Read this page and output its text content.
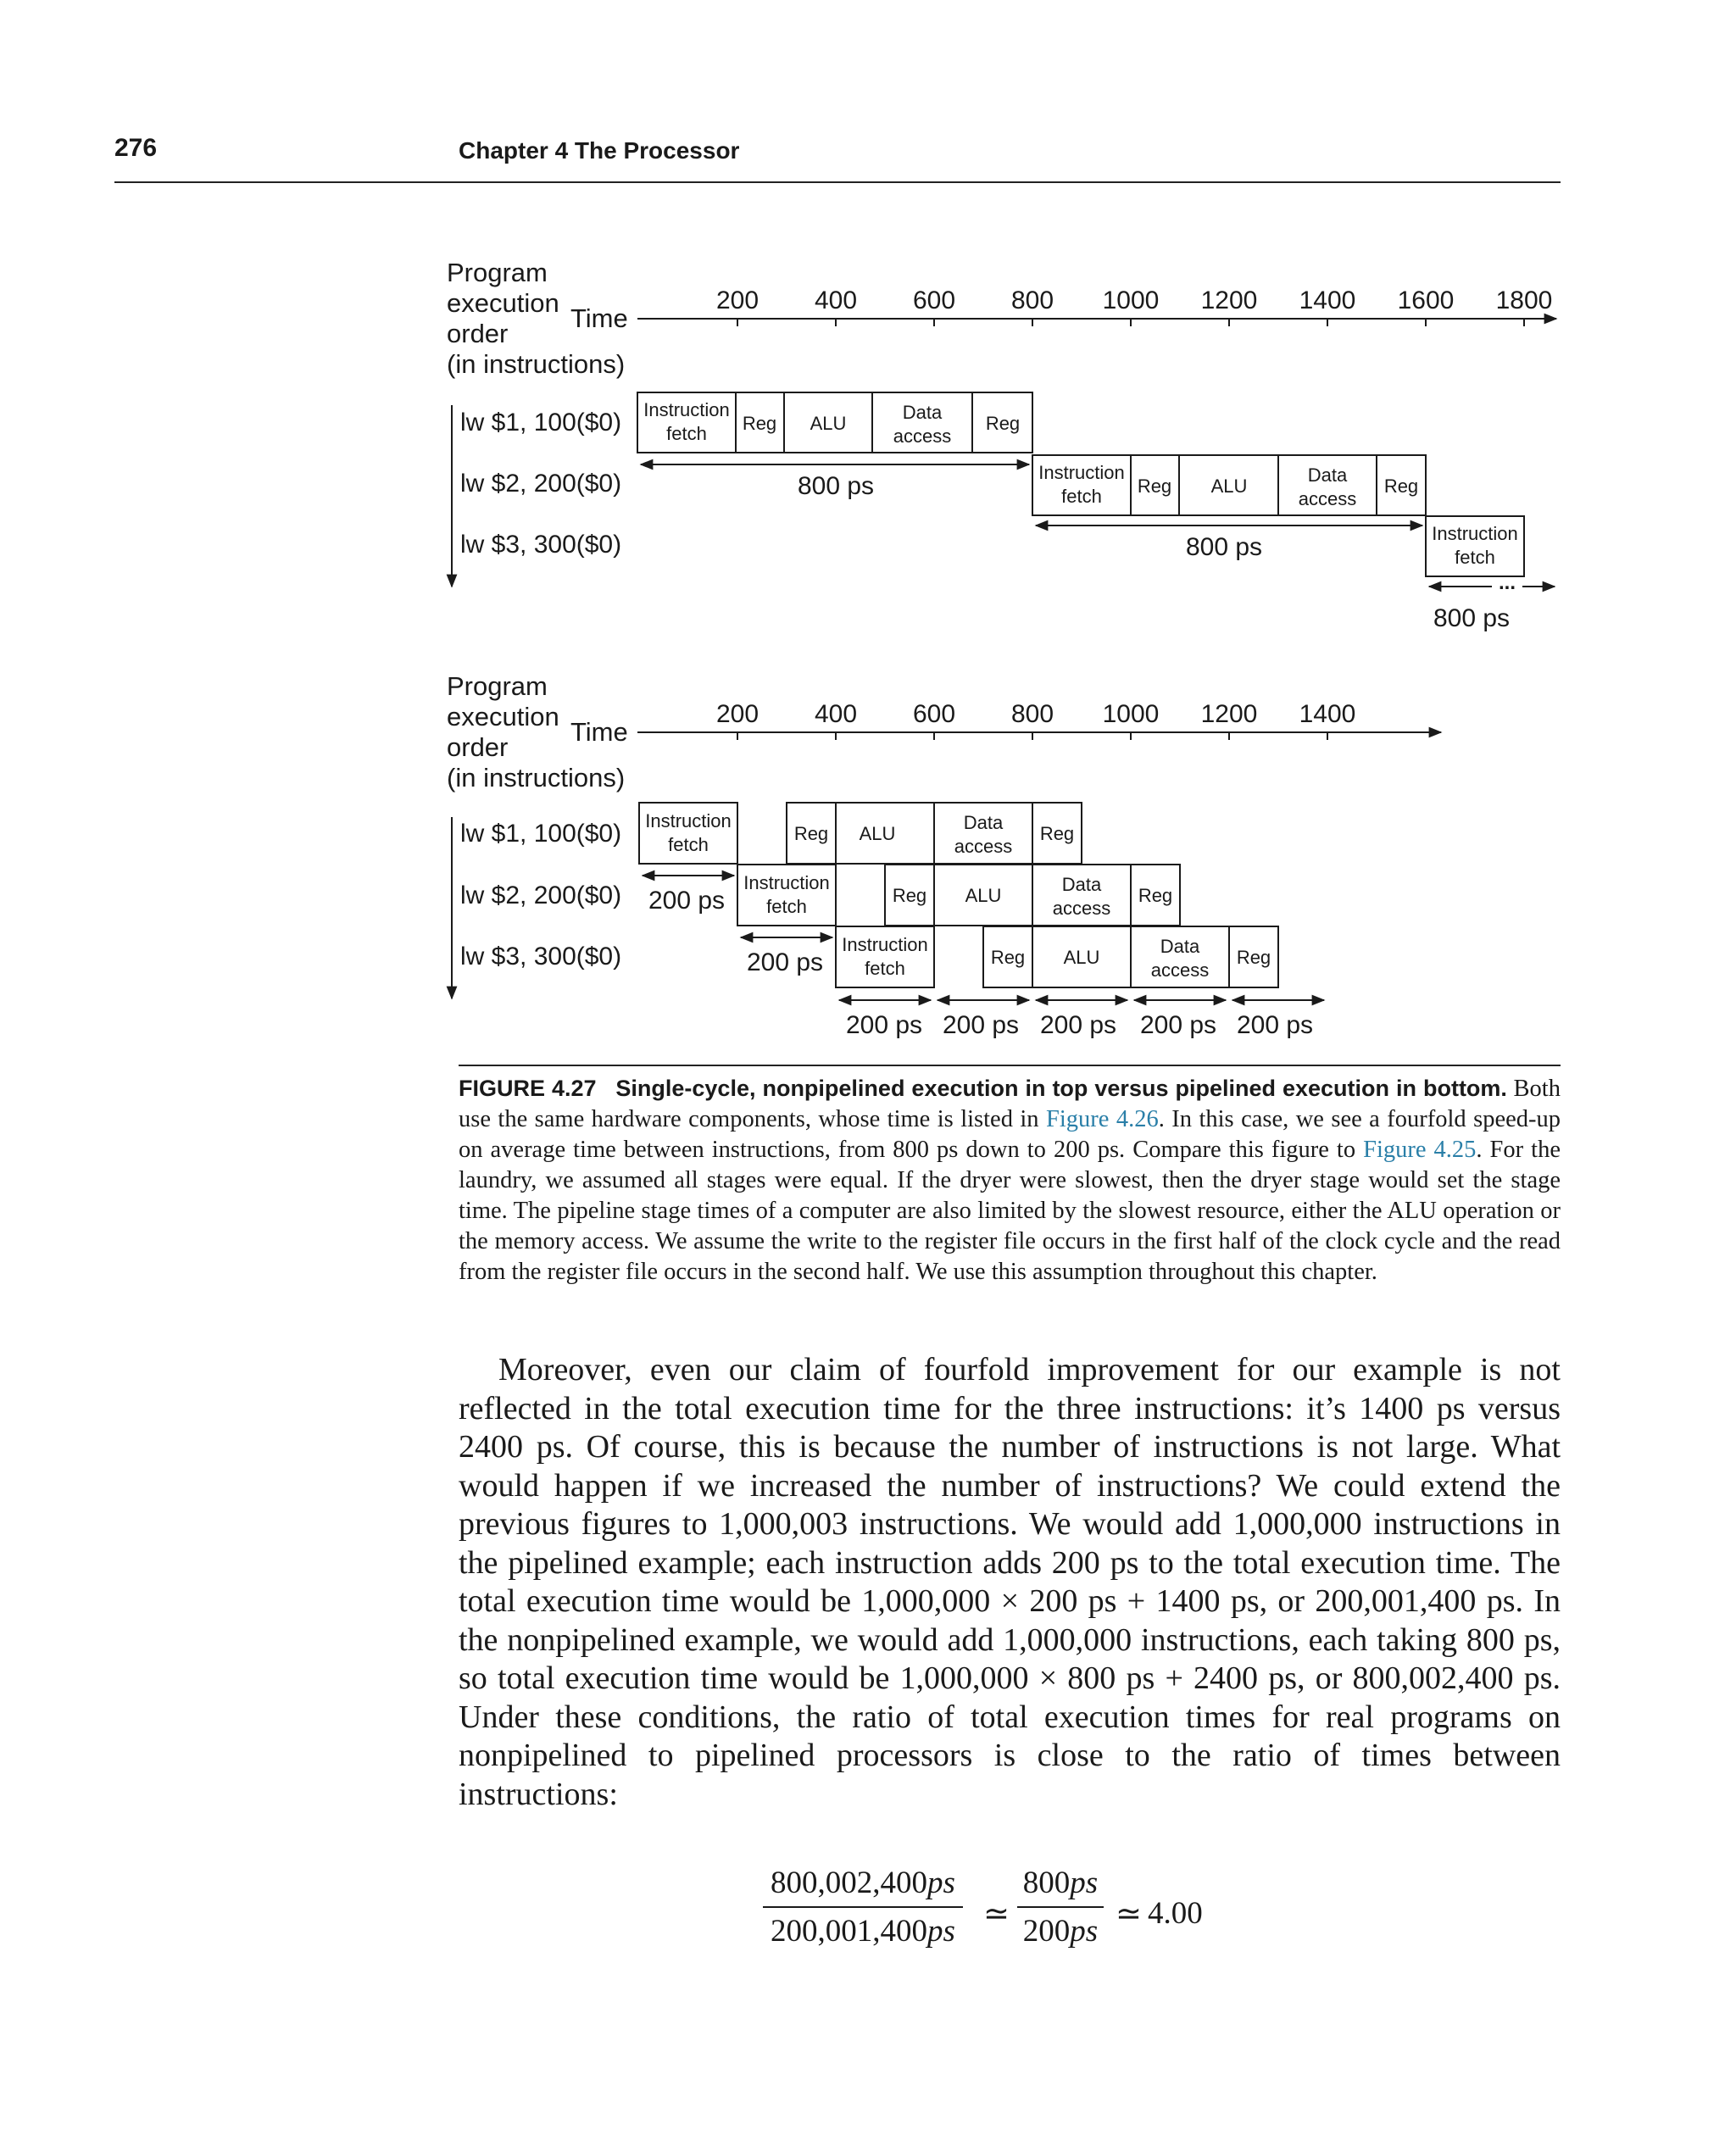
276	Chapter 4 The Processor
Program
execution
order
(in instructions)
Time
200 400 600 800 1000 1200 1400 1600 1800
lw $1, 100($0)
lw $2, 200($0)
lw $3, 300($0)
Instruction
fetch Reg ALU
Data
access
Reg
800 ps	Instruction
fetch Reg ALU
Data
access
Reg
800 ps	Instruction
fetch
...
800 ps
Program
execution
order
(in instructions)
Time
200 400 600 800 1000 1200 1400
lw $1, 100($0)
lw $2, 200($0)
lw $3, 300($0)
Instruction
fetch
Reg ALU
Data
access
Reg
200 ps
Instruction
fetch
Reg ALU
Data
access
Reg
200 ps
Instruction
fetch
Reg ALU
Data
access
Reg
200 ps 200 ps 200 ps 200 ps 200 ps
FIGURE 4.27 Single-cycle, nonpipelined execution in top versus pipelined execution in bottom. Both use the same hardware components, whose time is listed in Figure 4.26. In this case, we see a fourfold speed-up on average time between instructions, from 800 ps down to 200 ps. Compare this figure to Figure 4.25. For the laundry, we assumed all stages were equal. If the dryer were slowest, then the dryer stage would set the stage time. The pipeline stage times of a computer are also limited by the slowest resource, either the ALU operation or the memory access. We assume the write to the register file occurs in the first half of the clock cycle and the read from the register file occurs in the second half. We use this assumption throughout this chapter.
Moreover, even our claim of fourfold improvement for our example is not reflected in the total execution time for the three instructions: it’s 1400 ps versus 2400 ps. Of course, this is because the number of instructions is not large. What would happen if we increased the number of instructions? We could extend the previous figures to 1,000,003 instructions. We would add 1,000,000 instructions in the pipelined example; each instruction adds 200 ps to the total execution time. The total execution time would be 1,000,000 × 200 ps + 1400 ps, or 200,001,400 ps. In the nonpipelined example, we would add 1,000,000 instructions, each taking 800 ps, so total execution time would be 1,000,000 × 800 ps + 2400 ps, or 800,002,400 ps. Under these conditions, the ratio of total execution times for real programs on nonpipelined to pipelined processors is close to the ratio of times between instructions:
800,002,400ps
200,001,400ps ≃
800ps
200ps ≃ 4.00
